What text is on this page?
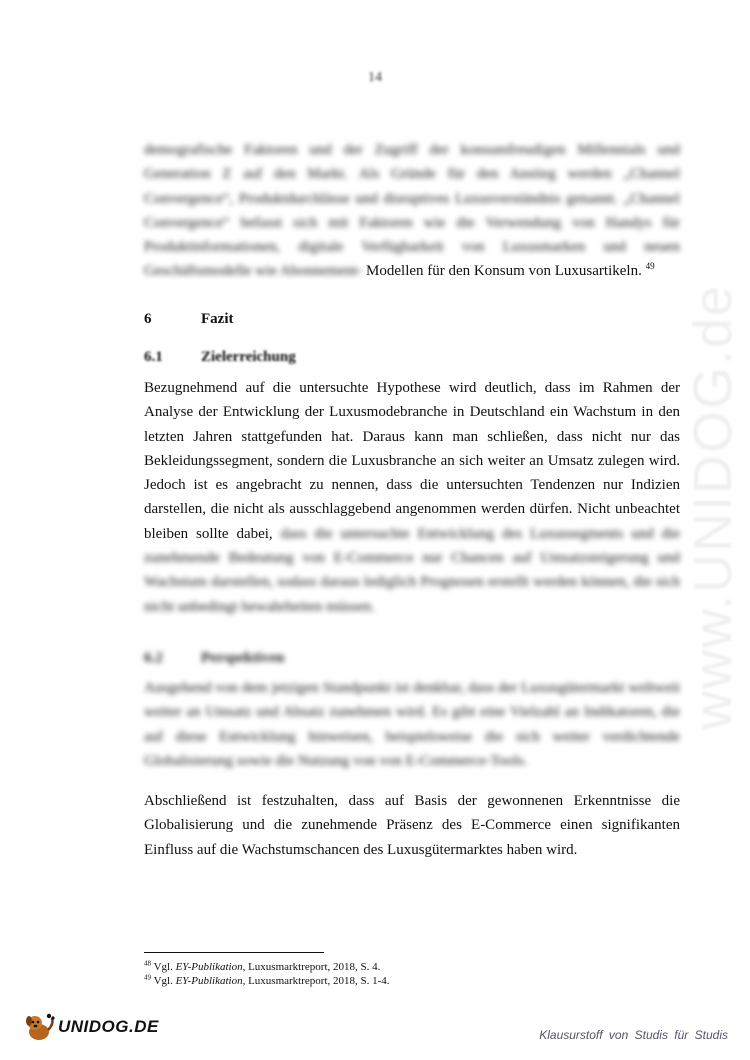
14

demografische Faktoren und der Zugriff der konsumfreudigen Millennials und Generation Z auf den Markt. Als Gründe für den Anstieg werden „Channel Convergence“, Produktdurchlässe und disruptives Luxusverständnis genannt. „Channel Convergence“ befasst sich mit Faktoren wie die Verwendung von Handys für Produktinformationen, digitale Verfügbarkeit von Luxusmarken und neuen Geschäftsmodelle wie Abonnement- Modellen für den Konsum von Luxusartikeln. $^{49}$

6	Fazit
6.1	Zielerreichung

Bezugnehmend auf die untersuchte Hypothese wird deutlich, dass im Rahmen der Analyse der Entwicklung der Luxusmodebranche in Deutschland ein Wachstum in den letzten Jahren stattgefunden hat. Daraus kann man schließen, dass nicht nur das Bekleidungssegment, sondern die Luxusbranche an sich weiter an Umsatz zulegen wird. Jedoch ist es angebracht zu nennen, dass die untersuchten Tendenzen nur Indizien darstellen, die nicht als ausschlaggebend angenommen werden dürfen. Nicht unbeachtet bleiben sollte dabei, dass die untersuchte Entwicklung des Luxussegments und die zunehmende Bedeutung von E-Commerce nur Chancen auf Umsatzsteigerung und Wachstum darstellen, sodass daraus lediglich Prognosen erstellt werden können, die sich nicht unbedingt bewahrheiten müssen.

6.2	Perspektiven

Ausgehend von dem jetzigen Standpunkt ist denkbar, dass der Luxusgütermarkt weltweit weiter an Umsatz und Absatz zunehmen wird. Es gibt eine Vielzahl an Indikatoren, die auf diese Entwicklung hinweisen, beispielsweise die sich weiter verdichtende Globalisierung sowie die Nutzung von von E-Commerce-Tools.

Abschließend ist festzuhalten, dass auf Basis der gewonnenen Erkenntnisse die Globalisierung und die zunehmende Präsenz des E-Commerce einen signifikanten Einfluss auf die Wachstumschancen des Luxusgütermarktes haben wird.

$^{48}$ Vgl. EY-Publikation, Luxusmarktreport, 2018, S. 4.
$^{49}$ Vgl. EY-Publikation, Luxusmarktreport, 2018, S. 1-4.
www.UNIDOG.de
UNIDOG.DE	Klausurstoff von Studis für Studis
